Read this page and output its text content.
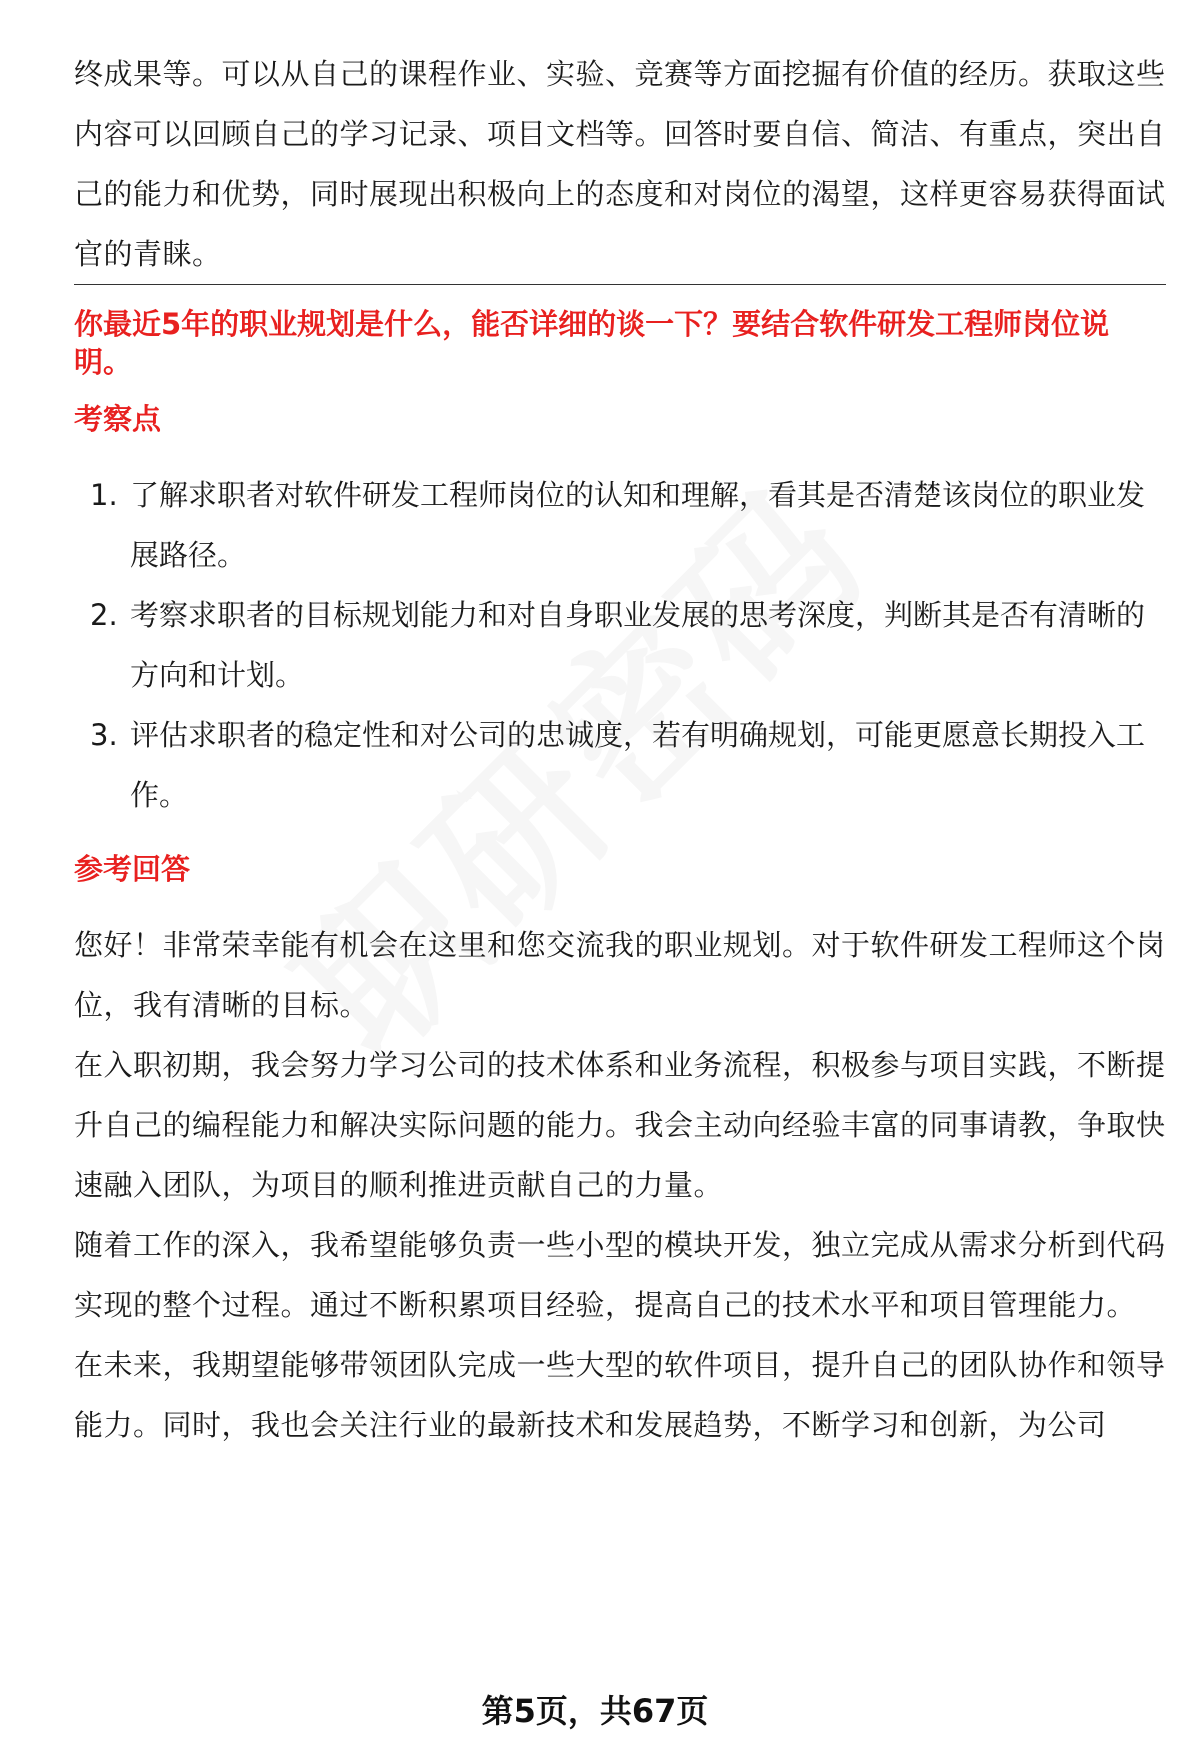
终成果等。可以从自己的课程作业、实验、竞赛等方面挖掘有价值的经历。获取这些内容可以回顾自己的学习记录、项目文档等。回答时要自信、简洁、有重点，突出自己的能力和优势，同时展现出积极向上的态度和对岗位的渴望，这样更容易获得面试官的青睐。

你最近5年的职业规划是什么，能否详细的谈一下？要结合软件研发工程师岗位说明。
考察点
1. 了解求职者对软件研发工程师岗位的认知和理解，看其是否清楚该岗位的职业发展路径。
2. 考察求职者的目标规划能力和对自身职业发展的思考深度，判断其是否有清晰的方向和计划。
3. 评估求职者的稳定性和对公司的忠诚度，若有明确规划，可能更愿意长期投入工作。
参考回答

您好！非常荣幸能有机会在这里和您交流我的职业规划。对于软件研发工程师这个岗位，我有清晰的目标。

在入职初期，我会努力学习公司的技术体系和业务流程，积极参与项目实践，不断提升自己的编程能力和解决实际问题的能力。我会主动向经验丰富的同事请教，争取快速融入团队，为项目的顺利推进贡献自己的力量。

随着工作的深入，我希望能够负责一些小型的模块开发，独立完成从需求分析到代码实现的整个过程。通过不断积累项目经验，提高自己的技术水平和项目管理能力。

在未来，我期望能够带领团队完成一些大型的软件项目，提升自己的团队协作和领导能力。同时，我也会关注行业的最新技术和发展趋势，不断学习和创新，为公司

第5页，共67页
